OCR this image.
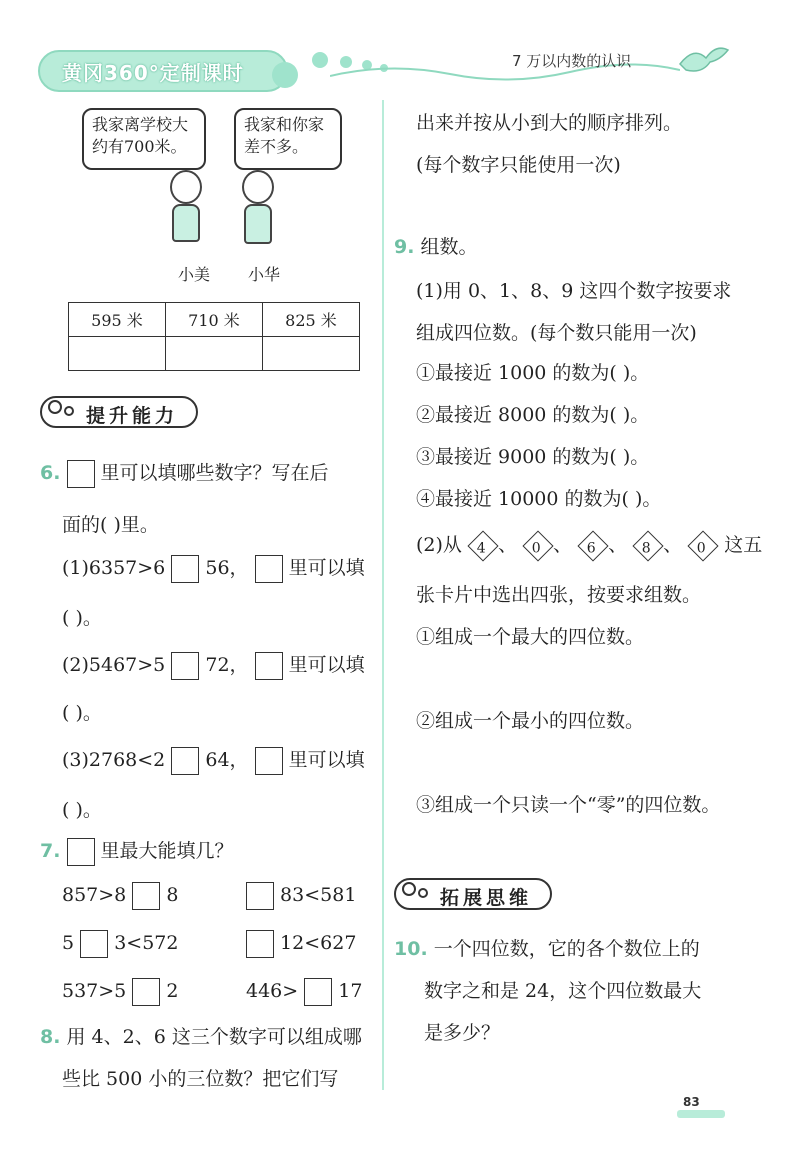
黄冈360°定制课时	7 万以内数的认识
我家离学校大
约有700米。
我家和你家
差不多。
小美 小华
595 米	710 米	825 米

提升能力
6. 里可以填哪些数字？写在后
面的( )里。
(1)6357>6 56， 里可以填
( )。
(2)5467>5 72， 里可以填
( )。
(3)2768<2 64， 里可以填
( )。
7. 里最大能填几？
857>8 8	83<581
5 3<572	12<627
537>5 2	446> 17
8. 用 4、2、6 这三个数字可以组成哪
些比 500 小的三位数？把它们写
出来并按从小到大的顺序排列。
(每个数字只能使用一次)
9. 组数。
(1)用 0、1、8、9 这四个数字按要求
组成四位数。(每个数只能用一次)
①最接近 1000 的数为( )。
②最接近 8000 的数为( )。
③最接近 9000 的数为( )。
④最接近 10000 的数为( )。
(2)从 4 、 0 、 6 、 8 、 0 这五
张卡片中选出四张，按要求组数。
①组成一个最大的四位数。
②组成一个最小的四位数。
③组成一个只读一个“零”的四位数。
拓展思维
10. 一个四位数，它的各个数位上的
数字之和是 24，这个四位数最大
是多少？
83
